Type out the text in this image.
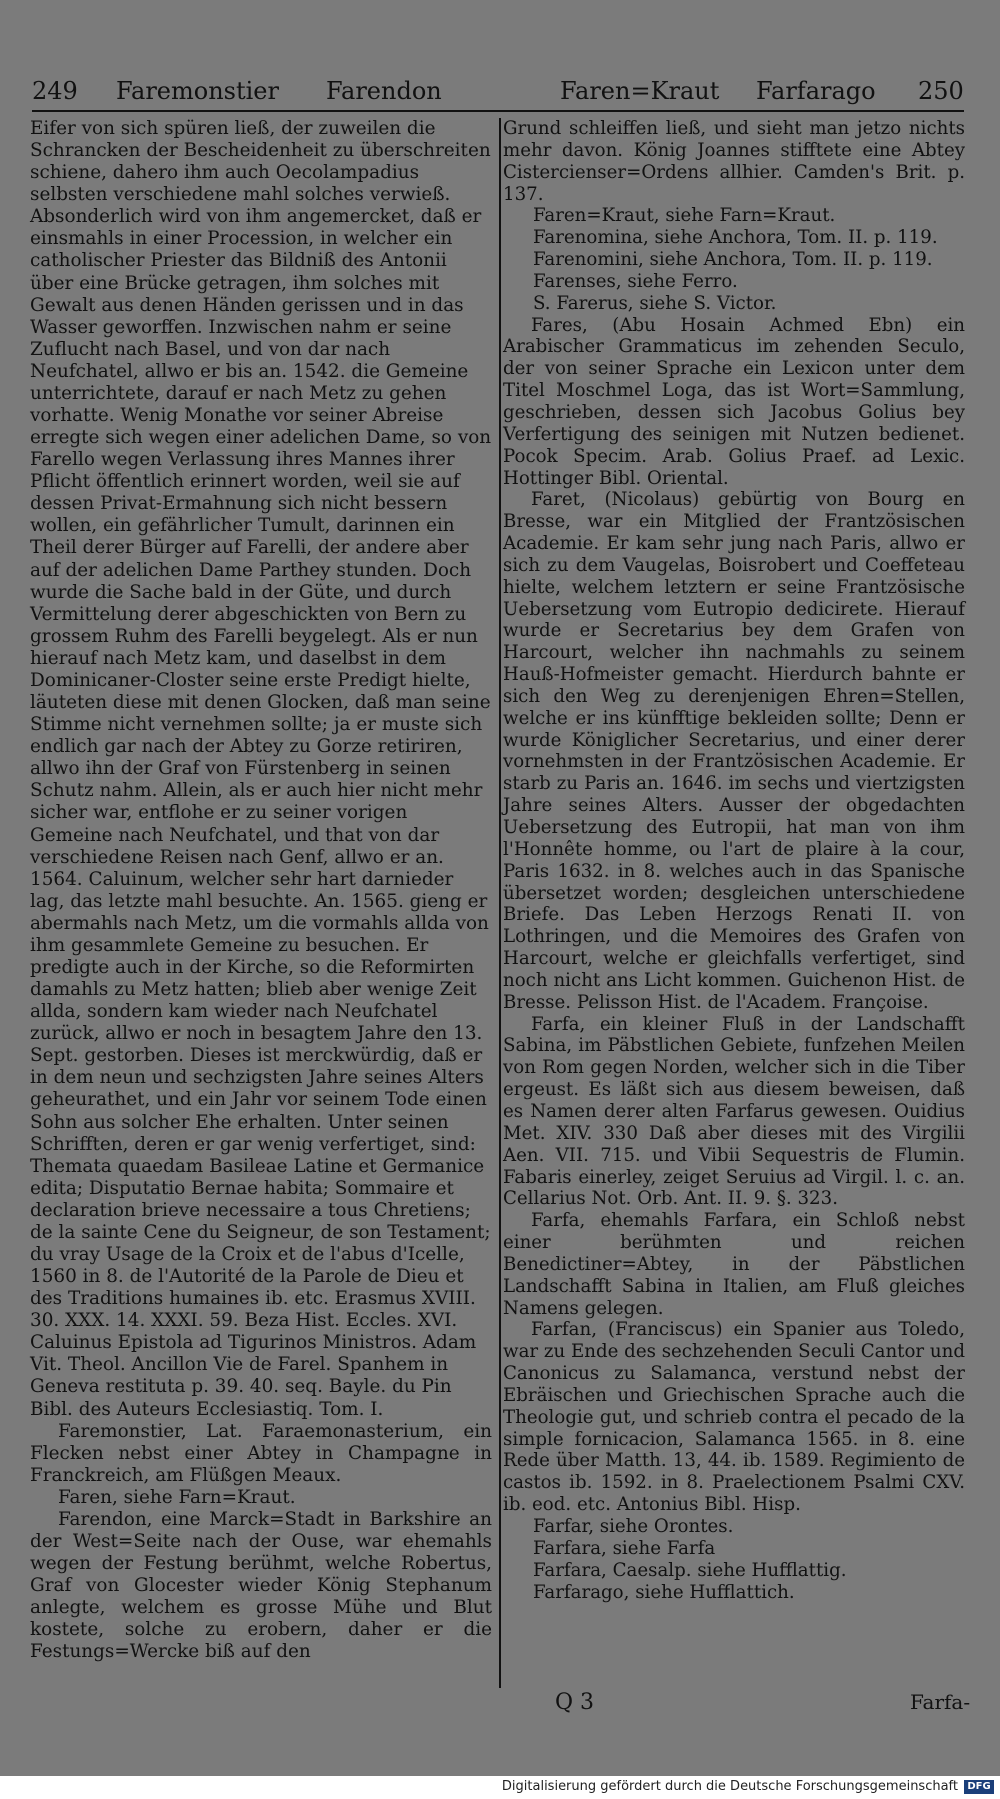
249 Faremonstier Farendon	Faren=Kraut Farfarago 250

Eifer von sich spüren ließ, der zuweilen die Schrancken der Bescheidenheit zu überschreiten schiene, dahero ihm auch Oecolampadius selbsten verschiedene mahl solches verwieß. Absonderlich wird von ihm angemercket, daß er einsmahls in einer Procession, in welcher ein catholischer Priester das Bildniß des Antonii über eine Brücke getragen, ihm solches mit Gewalt aus denen Händen gerissen und in das Wasser geworffen. Inzwischen nahm er seine Zuflucht nach Basel, und von dar nach Neufchatel, allwo er bis an. 1542. die Gemeine unterrichtete, darauf er nach Metz zu gehen vorhatte. Wenig Monathe vor seiner Abreise erregte sich wegen einer adelichen Dame, so von Farello wegen Verlassung ihres Mannes ihrer Pflicht öffentlich erinnert worden, weil sie auf dessen Privat-Ermahnung sich nicht bessern wollen, ein gefährlicher Tumult, darinnen ein Theil derer Bürger auf Farelli, der andere aber auf der adelichen Dame Parthey stunden. Doch wurde die Sache bald in der Güte, und durch Vermittelung derer abgeschickten von Bern zu grossem Ruhm des Farelli beygelegt. Als er nun hierauf nach Metz kam, und daselbst in dem Dominicaner-Closter seine erste Predigt hielte, läuteten diese mit denen Glocken, daß man seine Stimme nicht vernehmen sollte; ja er muste sich endlich gar nach der Abtey zu Gorze retiriren, allwo ihn der Graf von Fürstenberg in seinen Schutz nahm. Allein, als er auch hier nicht mehr sicher war, entflohe er zu seiner vorigen Gemeine nach Neufchatel, und that von dar verschiedene Reisen nach Genf, allwo er an. 1564. Caluinum, welcher sehr hart darnieder lag, das letzte mahl besuchte. An. 1565. gieng er abermahls nach Metz, um die vormahls allda von ihm gesammlete Gemeine zu besuchen. Er predigte auch in der Kirche, so die Reformirten damahls zu Metz hatten; blieb aber wenige Zeit allda, sondern kam wieder nach Neufchatel zurück, allwo er noch in besagtem Jahre den 13. Sept. gestorben. Dieses ist merckwürdig, daß er in dem neun und sechzigsten Jahre seines Alters geheurathet, und ein Jahr vor seinem Tode einen Sohn aus solcher Ehe erhalten. Unter seinen Schrifften, deren er gar wenig verfertiget, sind: Themata quaedam Basileae Latine et Germanice edita; Disputatio Bernae habita; Sommaire et declaration brieve necessaire a tous Chretiens; de la sainte Cene du Seigneur, de son Testament; du vray Usage de la Croix et de l'abus d'Icelle, 1560 in 8. de l'Autorité de la Parole de Dieu et des Traditions humaines ib. etc. Erasmus XVIII. 30. XXX. 14. XXXI. 59. Beza Hist. Eccles. XVI. Caluinus Epistola ad Tigurinos Ministros. Adam Vit. Theol. Ancillon Vie de Farel. Spanhem in Geneva restituta p. 39. 40. seq. Bayle. du Pin Bibl. des Auteurs Ecclesiastiq. Tom. I.

Faremonstier, Lat. Faraemonasterium, ein Flecken nebst einer Abtey in Champagne in Franckreich, am Flüßgen Meaux.

Faren, siehe Farn=Kraut.

Farendon, eine Marck=Stadt in Barkshire an der West=Seite nach der Ouse, war ehemahls wegen der Festung berühmt, welche Robertus, Graf von Glocester wieder König Stephanum anlegte, welchem es grosse Mühe und Blut kostete, solche zu erobern, daher er die Festungs=Wercke biß auf den

Grund schleiffen ließ, und sieht man jetzo nichts mehr davon. König Joannes stifftete eine Abtey Cistercienser=Ordens allhier. Camden's Brit. p. 137.

Faren=Kraut, siehe Farn=Kraut.

Farenomina, siehe Anchora, Tom. II. p. 119.

Farenomini, siehe Anchora, Tom. II. p. 119.

Farenses, siehe Ferro.

S. Farerus, siehe S. Victor.

Fares, (Abu Hosain Achmed Ebn) ein Arabischer Grammaticus im zehenden Seculo, der von seiner Sprache ein Lexicon unter dem Titel Moschmel Loga, das ist Wort=Sammlung, geschrieben, dessen sich Jacobus Golius bey Verfertigung des seinigen mit Nutzen bedienet. Pocok Specim. Arab. Golius Praef. ad Lexic. Hottinger Bibl. Oriental.

Faret, (Nicolaus) gebürtig von Bourg en Bresse, war ein Mitglied der Frantzösischen Academie. Er kam sehr jung nach Paris, allwo er sich zu dem Vaugelas, Boisrobert und Coeffeteau hielte, welchem letztern er seine Frantzösische Uebersetzung vom Eutropio dedicirete. Hierauf wurde er Secretarius bey dem Grafen von Harcourt, welcher ihn nachmahls zu seinem Hauß-Hofmeister gemacht. Hierdurch bahnte er sich den Weg zu derenjenigen Ehren=Stellen, welche er ins künfftige bekleiden sollte; Denn er wurde Königlicher Secretarius, und einer derer vornehmsten in der Frantzösischen Academie. Er starb zu Paris an. 1646. im sechs und viertzigsten Jahre seines Alters. Ausser der obgedachten Uebersetzung des Eutropii, hat man von ihm l'Honnête homme, ou l'art de plaire à la cour, Paris 1632. in 8. welches auch in das Spanische übersetzet worden; desgleichen unterschiedene Briefe. Das Leben Herzogs Renati II. von Lothringen, und die Memoires des Grafen von Harcourt, welche er gleichfalls verfertiget, sind noch nicht ans Licht kommen. Guichenon Hist. de Bresse. Pelisson Hist. de l'Academ. Françoise.

Farfa, ein kleiner Fluß in der Landschafft Sabina, im Päbstlichen Gebiete, funfzehen Meilen von Rom gegen Norden, welcher sich in die Tiber ergeust. Es läßt sich aus diesem beweisen, daß es Namen derer alten Farfarus gewesen. Ouidius Met. XIV. 330 Daß aber dieses mit des Virgilii Aen. VII. 715. und Vibii Sequestris de Flumin. Fabaris einerley, zeiget Seruius ad Virgil. l. c. an. Cellarius Not. Orb. Ant. II. 9. §. 323.

Farfa, ehemahls Farfara, ein Schloß nebst einer berühmten und reichen Benedictiner=Abtey, in der Päbstlichen Landschafft Sabina in Italien, am Fluß gleiches Namens gelegen.

Farfan, (Franciscus) ein Spanier aus Toledo, war zu Ende des sechzehenden Seculi Cantor und Canonicus zu Salamanca, verstund nebst der Ebräischen und Griechischen Sprache auch die Theologie gut, und schrieb contra el pecado de la simple fornicacion, Salamanca 1565. in 8. eine Rede über Matth. 13, 44. ib. 1589. Regimiento de castos ib. 1592. in 8. Praelectionem Psalmi CXV. ib. eod. etc. Antonius Bibl. Hisp.

Farfar, siehe Orontes.

Farfara, siehe Farfa

Farfara, Caesalp. siehe Hufflattig.

Farfarago, siehe Hufflattich.

Q 3	Farfa-
Digitalisierung gefördert durch die Deutsche Forschungsgemeinschaft DFG
